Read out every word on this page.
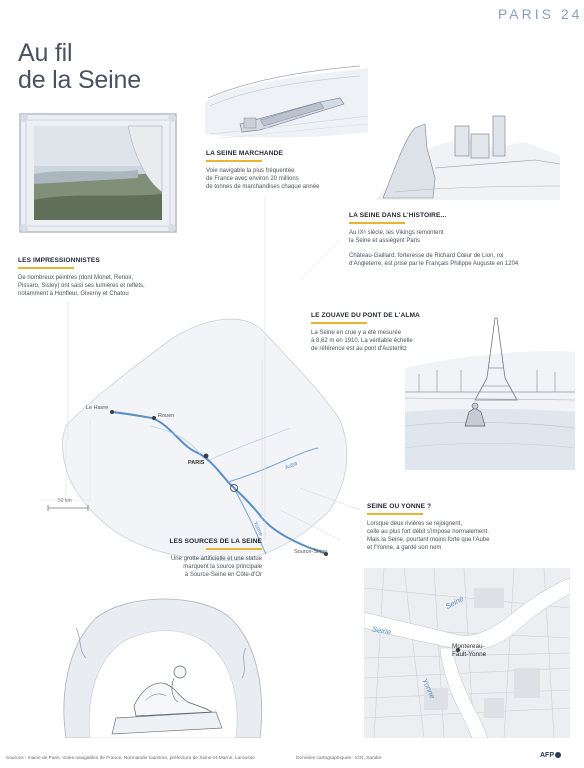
PARIS 24
Au fil
de la Seine
LA SEINE MARCHANDE
Voie navigable la plus fréquentée
de France avec environ 20 millions
de tonnes de marchandises chaque année
LA SEINE DANS L'HISTOIRE...
Au IXᵉ siècle, les Vikings remontent
la Seine et assiègent Paris
Château-Gaillard, forteresse de Richard Cœur de Lion, roi
d'Angleterre, est prise par le Français Philippe Auguste en 1204
LES IMPRESSIONNISTES
De nombreux peintres (dont Monet, Renoir,
Pissaro, Sisley) ont saisi ses lumières et reflets,
notamment à Honfleur, Giverny et Chatou
LE ZOUAVE DU PONT DE L'ALMA
La Seine en crue y a été mesurée
à 8,62 m en 1910. La véritable échelle
de référence est au pont d'Austerlitz
Le Havre
Rouen
PARIS	Aube
Yonne
Source-Seine
50 km
SEINE OU YONNE ?
Lorsque deux rivières se rejoignent,
celle au plus fort débit s'impose normalement.
Mais la Seine, pourtant moins forte que l'Aube
et l'Yonne, a gardé son nom
LES SOURCES DE LA SEINE
Une grotte artificielle et une statue
marquent la source principale
à Source-Seine en Côte-d'Or
Seine
Seine
Yonne
Montereau-
Fault-Yonne
Sources : mairie de Paris, Voies navigables de France, Normandie tourisme, préfecture de Seine-et-Marne, Larousse	Données cartographiques : IGN, Sandre	AFP
